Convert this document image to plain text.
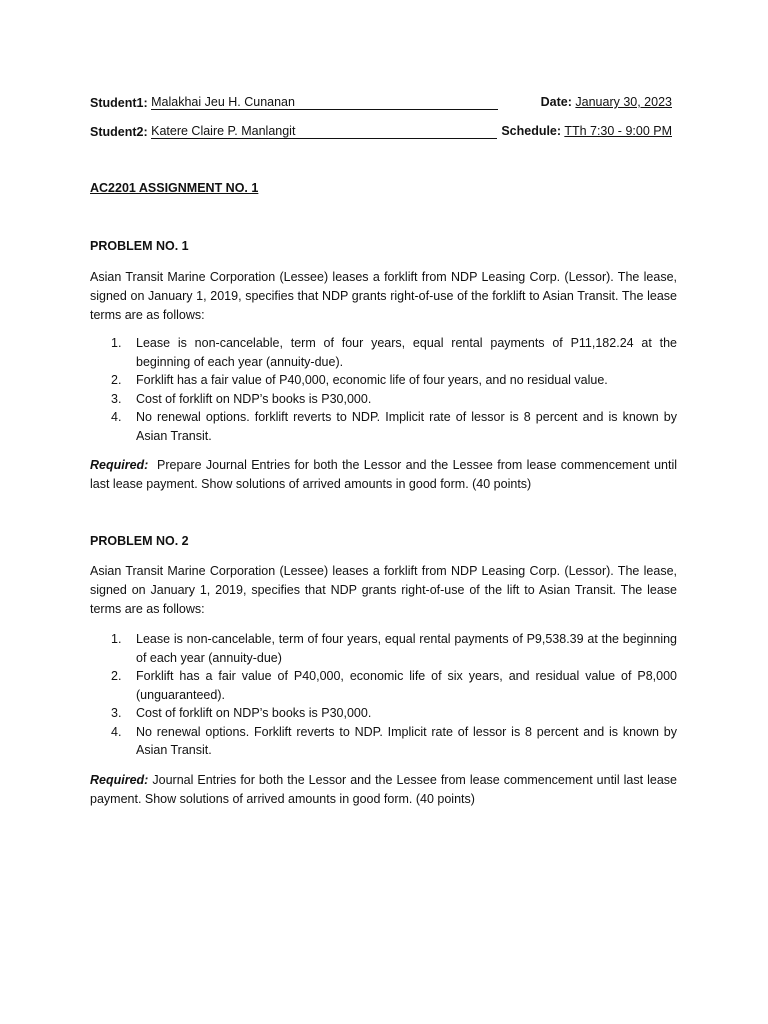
Student1: Malakhai Jeu H. Cunanan	Date: January 30, 2023
Student2: Katere Claire P. Manlangit	Schedule: TTh 7:30 - 9:00 PM
AC2201 ASSIGNMENT NO. 1
PROBLEM NO. 1
Asian Transit Marine Corporation (Lessee) leases a forklift from NDP Leasing Corp. (Lessor). The lease, signed on January 1, 2019, specifies that NDP grants right-of-use of the forklift to Asian Transit. The lease terms are as follows:
1. Lease is non-cancelable, term of four years, equal rental payments of P11,182.24 at the beginning of each year (annuity-due).
2. Forklift has a fair value of P40,000, economic life of four years, and no residual value.
3. Cost of forklift on NDP’s books is P30,000.
4. No renewal options. forklift reverts to NDP. Implicit rate of lessor is 8 percent and is known by Asian Transit.
Required: Prepare Journal Entries for both the Lessor and the Lessee from lease commencement until last lease payment. Show solutions of arrived amounts in good form. (40 points)
PROBLEM NO. 2
Asian Transit Marine Corporation (Lessee) leases a forklift from NDP Leasing Corp. (Lessor). The lease, signed on January 1, 2019, specifies that NDP grants right-of-use of the lift to Asian Transit. The lease terms are as follows:
1. Lease is non-cancelable, term of four years, equal rental payments of P9,538.39 at the beginning of each year (annuity-due)
2. Forklift has a fair value of P40,000, economic life of six years, and residual value of P8,000 (unguaranteed).
3. Cost of forklift on NDP’s books is P30,000.
4. No renewal options. Forklift reverts to NDP. Implicit rate of lessor is 8 percent and is known by Asian Transit.
Required: Journal Entries for both the Lessor and the Lessee from lease commencement until last lease payment. Show solutions of arrived amounts in good form. (40 points)
